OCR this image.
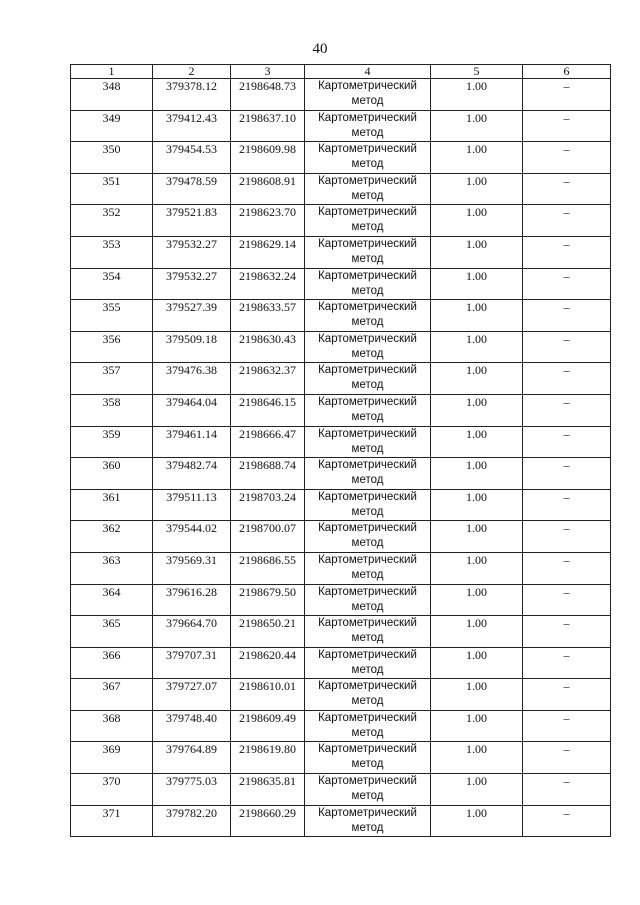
40
1	2	3	4	5	6
348	379378.12	2198648.73	Картометрический метод	1.00	–
349	379412.43	2198637.10	Картометрический метод	1.00	–
350	379454.53	2198609.98	Картометрический метод	1.00	–
351	379478.59	2198608.91	Картометрический метод	1.00	–
352	379521.83	2198623.70	Картометрический метод	1.00	–
353	379532.27	2198629.14	Картометрический метод	1.00	–
354	379532.27	2198632.24	Картометрический метод	1.00	–
355	379527.39	2198633.57	Картометрический метод	1.00	–
356	379509.18	2198630.43	Картометрический метод	1.00	–
357	379476.38	2198632.37	Картометрический метод	1.00	–
358	379464.04	2198646.15	Картометрический метод	1.00	–
359	379461.14	2198666.47	Картометрический метод	1.00	–
360	379482.74	2198688.74	Картометрический метод	1.00	–
361	379511.13	2198703.24	Картометрический метод	1.00	–
362	379544.02	2198700.07	Картометрический метод	1.00	–
363	379569.31	2198686.55	Картометрический метод	1.00	–
364	379616.28	2198679.50	Картометрический метод	1.00	–
365	379664.70	2198650.21	Картометрический метод	1.00	–
366	379707.31	2198620.44	Картометрический метод	1.00	–
367	379727.07	2198610.01	Картометрический метод	1.00	–
368	379748.40	2198609.49	Картометрический метод	1.00	–
369	379764.89	2198619.80	Картометрический метод	1.00	–
370	379775.03	2198635.81	Картометрический метод	1.00	–
371	379782.20	2198660.29	Картометрический метод	1.00	–
